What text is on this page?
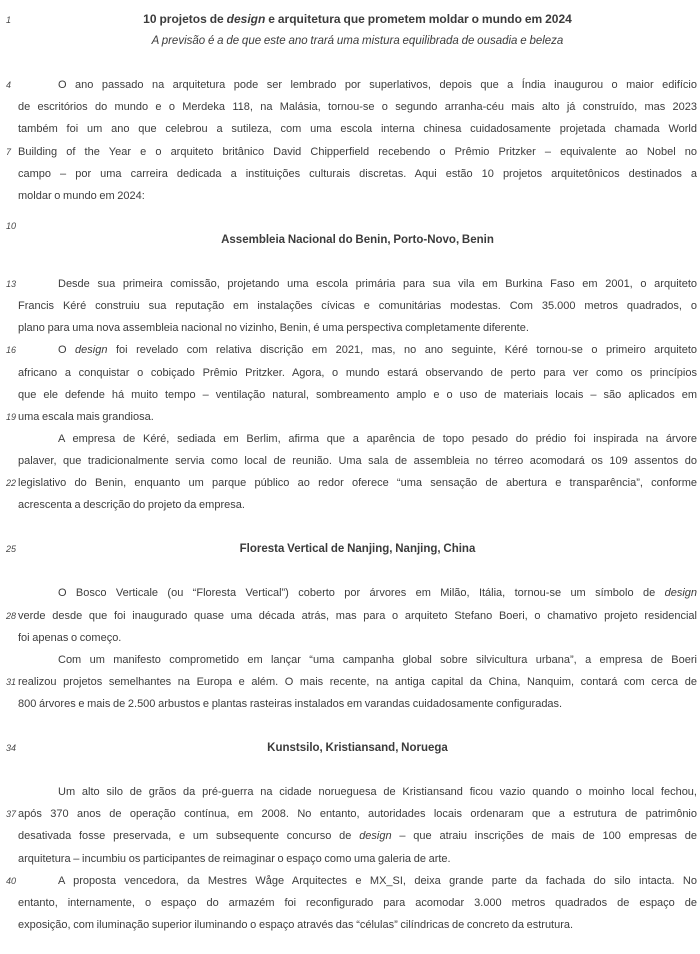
1	10 projetos de design e arquitetura que prometem moldar o mundo em 2024
A previsão é a de que este ano trará uma mistura equilibrada de ousadia e beleza
4	O ano passado na arquitetura pode ser lembrado por superlativos, depois que a Índia inaugurou o maior edifício
de escritórios do mundo e o Merdeka 118, na Malásia, tornou-se o segundo arranha-céu mais alto já construído, mas 2023
também foi um ano que celebrou a sutileza, com uma escola interna chinesa cuidadosamente projetada chamada World
7 Building of the Year e o arquiteto britânico David Chipperfield recebendo o Prêmio Pritzker – equivalente ao Nobel no
campo – por uma carreira dedicada a instituições culturais discretas. Aqui estão 10 projetos arquitetônicos destinados a
moldar o mundo em 2024:
10
Assembleia Nacional do Benin, Porto-Novo, Benin
13	Desde sua primeira comissão, projetando uma escola primária para sua vila em Burkina Faso em 2001, o arquiteto
Francis Kéré construiu sua reputação em instalações cívicas e comunitárias modestas. Com 35.000 metros quadrados, o
plano para uma nova assembleia nacional no vizinho, Benin, é uma perspectiva completamente diferente.
16	O design foi revelado com relativa discrição em 2021, mas, no ano seguinte, Kéré tornou-se o primeiro arquiteto
africano a conquistar o cobiçado Prêmio Pritzker. Agora, o mundo estará observando de perto para ver como os princípios
que ele defende há muito tempo – ventilação natural, sombreamento amplo e o uso de materiais locais – são aplicados em
19 uma escala mais grandiosa.
A empresa de Kéré, sediada em Berlim, afirma que a aparência de topo pesado do prédio foi inspirada na árvore
palaver, que tradicionalmente servia como local de reunião. Uma sala de assembleia no térreo acomodará os 109 assentos do
22 legislativo do Benin, enquanto um parque público ao redor oferece “uma sensação de abertura e transparência”, conforme
acrescenta a descrição do projeto da empresa.
25	Floresta Vertical de Nanjing, Nanjing, China
O Bosco Verticale (ou “Floresta Vertical”) coberto por árvores em Milão, Itália, tornou-se um símbolo de design
28 verde desde que foi inaugurado quase uma década atrás, mas para o arquiteto Stefano Boeri, o chamativo projeto residencial
foi apenas o começo.
Com um manifesto comprometido em lançar “uma campanha global sobre silvicultura urbana”, a empresa de Boeri
31 realizou projetos semelhantes na Europa e além. O mais recente, na antiga capital da China, Nanquim, contará com cerca de
800 árvores e mais de 2.500 arbustos e plantas rasteiras instalados em varandas cuidadosamente configuradas.
34	Kunstsilo, Kristiansand, Noruega
Um alto silo de grãos da pré-guerra na cidade norueguesa de Kristiansand ficou vazio quando o moinho local fechou,
37 após 370 anos de operação contínua, em 2008. No entanto, autoridades locais ordenaram que a estrutura de patrimônio
desativada fosse preservada, e um subsequente concurso de design – que atraiu inscrições de mais de 100 empresas de
arquitetura – incumbiu os participantes de reimaginar o espaço como uma galeria de arte.
40	A proposta vencedora, da Mestres Wåge Arquitectes e MX_SI, deixa grande parte da fachada do silo intacta. No
entanto, internamente, o espaço do armazém foi reconfigurado para acomodar 3.000 metros quadrados de espaço de
exposição, com iluminação superior iluminando o espaço através das “células” cilíndricas de concreto da estrutura.
